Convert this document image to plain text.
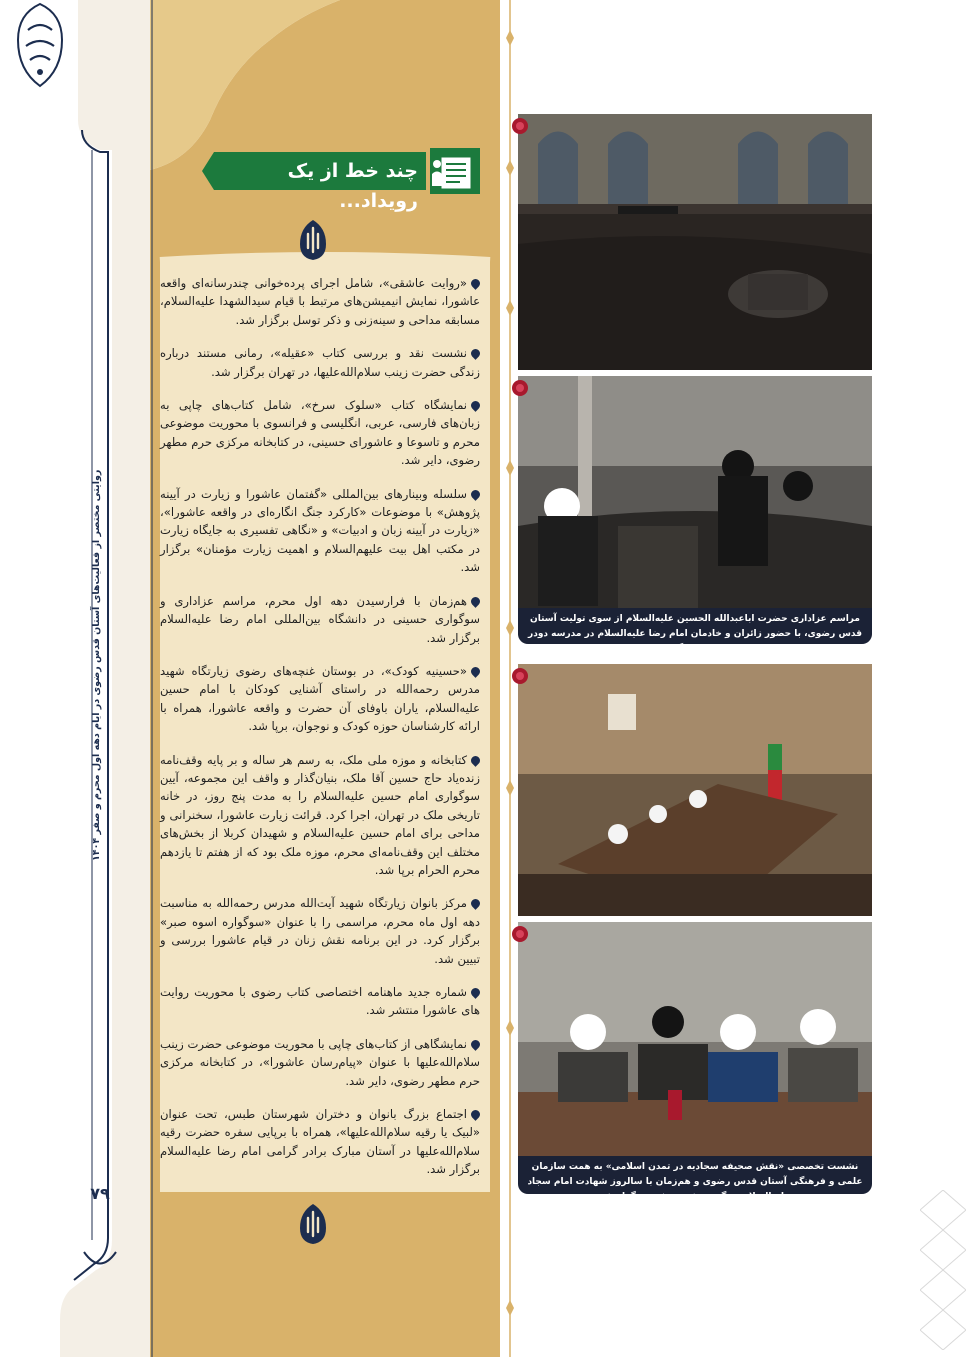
روایتی مختصر از فعالیت‌های آستان قدس رضوی در ایام دهه اول محرم و صفر ۱۴۰۴
۷۹
چند خط از یک رویداد...

«روایت عاشقی»، شامل اجرای پرده‌خوانی چندرسانه‌ای واقعه عاشورا، نمایش انیمیشن‌های مرتبط با قیام سیدالشهدا علیه‌السلام، مسابقه مداحی و سینه‌زنی و ذکر توسل برگزار شد.

نشست نقد و بررسی کتاب «عقیله»، رمانی مستند درباره زندگی حضرت زینب سلام‌الله‌علیها، در تهران برگزار شد.

نمایشگاه کتاب «سلوک سرخ»، شامل کتاب‌های چاپی به زبان‌های فارسی، عربی، انگلیسی و فرانسوی با محوریت موضوعی محرم و تاسوعا و عاشورای حسینی، در کتابخانه مرکزی حرم مطهر رضوی، دایر شد.

سلسله وبینارهای بین‌المللی «گفتمان عاشورا و زیارت در آیینه پژوهش» با موضوعات «کارکرد جنگ انگاره‌ای در واقعه عاشورا»، «زیارت در آیینه زبان و ادبیات» و «نگاهی تفسیری به جایگاه زیارت در مکتب اهل بیت علیهم‌السلام و اهمیت زیارت مؤمنان» برگزار شد.

هم‌زمان با فرارسیدن دهه اول محرم، مراسم عزاداری و سوگواری حسینی در دانشگاه بین‌المللی امام رضا علیه‌السلام برگزار شد.

«حسینیه کودک»، در بوستان غنچه‌های رضوی زیارتگاه شهید مدرس رحمه‌الله در راستای آشنایی کودکان با امام حسین علیه‌السلام، یاران باوفای آن حضرت و واقعه عاشورا، همراه با ارائه کارشناسان حوزه کودک و نوجوان، برپا شد.

کتابخانه و موزه ملی ملک، به رسم هر ساله و بر پایه وقف‌نامه زنده‌یاد حاج حسین آقا ملک، بنیان‌گذار و واقف این مجموعه، آیین سوگواری امام حسین علیه‌السلام را به مدت پنج روز، در خانه تاریخی ملک در تهران، اجرا کرد. قرائت زیارت عاشورا، سخنرانی و مداحی برای امام حسین علیه‌السلام و شهیدان کربلا از بخش‌های مختلف این وقف‌نامه‌ای محرم، موزه ملک بود که از هفتم تا یازدهم محرم الحرام برپا شد.

مرکز بانوان زیارتگاه شهید آیت‌الله مدرس رحمه‌الله به مناسبت دهه اول ماه محرم، مراسمی را با عنوان «سوگواره اسوه صبر» برگزار کرد. در این برنامه نقش زنان در قیام عاشورا بررسی و تبیین شد.

شماره جدید ماهنامه اختصاصی کتاب رضوی با محوریت روایت های عاشورا منتشر شد.

نمایشگاهی از کتاب‌های چاپی با محوریت موضوعی حضرت زینب سلام‌الله‌علیها با عنوان «پیام‌رسان عاشورا»، در کتابخانه مرکزی حرم مطهر رضوی، دایر شد.

اجتماع بزرگ بانوان و دختران شهرستان طبس، تحت عنوان «لبیک یا رقیه سلام‌الله‌علیها»، همراه با برپایی سفره حضرت رقیه سلام‌الله‌علیها در آستان مبارک برادر گرامی امام رضا علیه‌السلام برگزار شد.

مراسم عزاداری حضرت اباعبدالله الحسین علیه‌السلام از سوی تولیت آستان قدس رضوی، با حضور زائران و خادمان امام رضا علیه‌السلام در مدرسه دودر حرم مطهر برگزار شد
نشست تخصصی «نقش صحیفه سجادیه در تمدن اسلامی» به همت سازمان علمی و فرهنگی آستان قدس رضوی و هم‌زمان با سالروز شهادت امام سجاد علیه‌السلام در گنبد خشتی مشهد برگزار شد
